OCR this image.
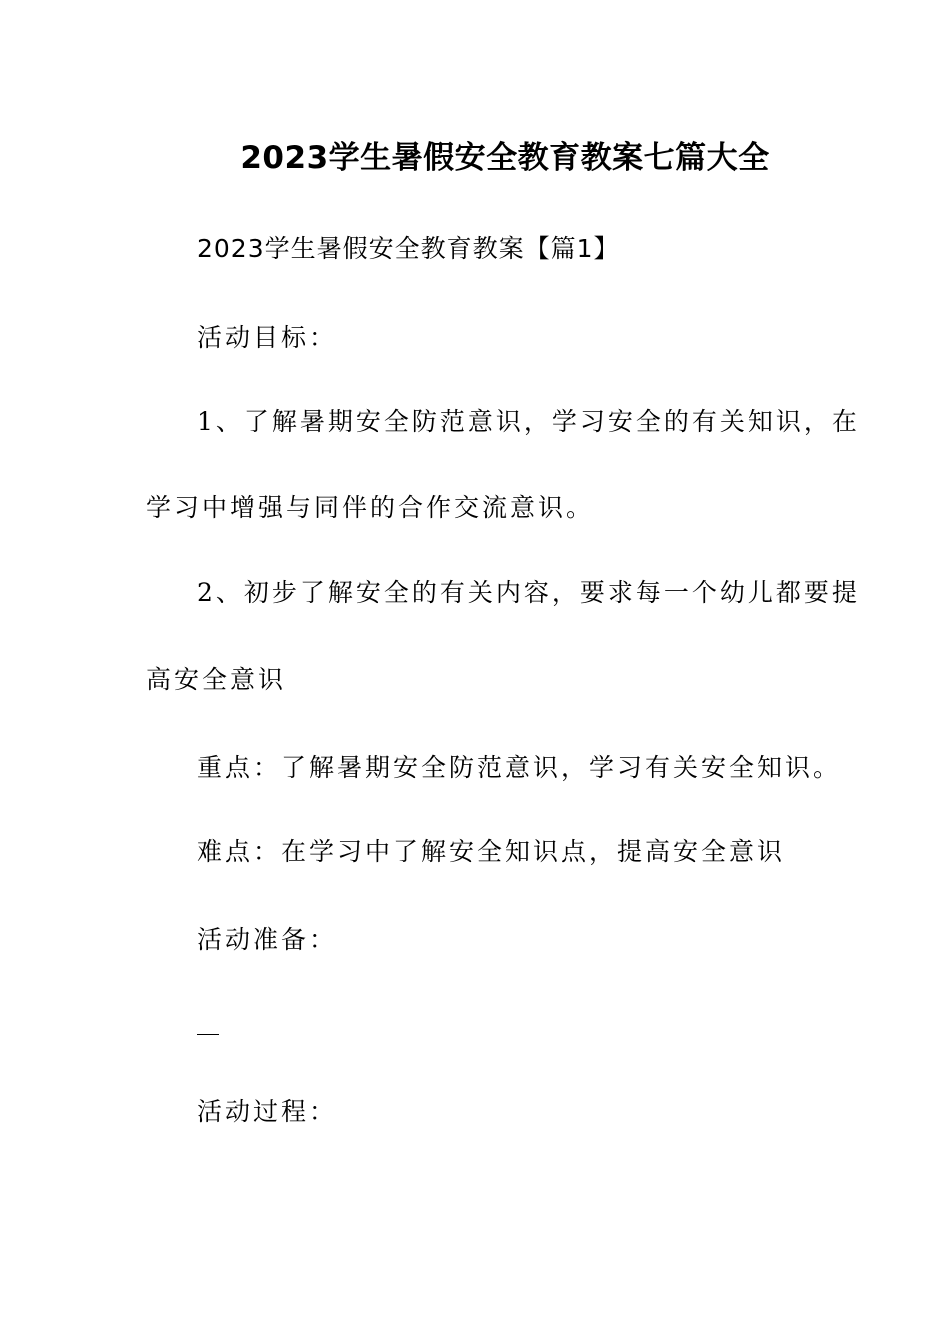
2023学生暑假安全教育教案七篇大全
2023学生暑假安全教育教案【篇1】
活动目标：
1、了解暑期安全防范意识，学习安全的有关知识，在
学习中增强与同伴的合作交流意识。
2、初步了解安全的有关内容，要求每一个幼儿都要提
高安全意识
重点：了解暑期安全防范意识，学习有关安全知识。
难点：在学习中了解安全知识点，提高安全意识
活动准备：
活动过程：
